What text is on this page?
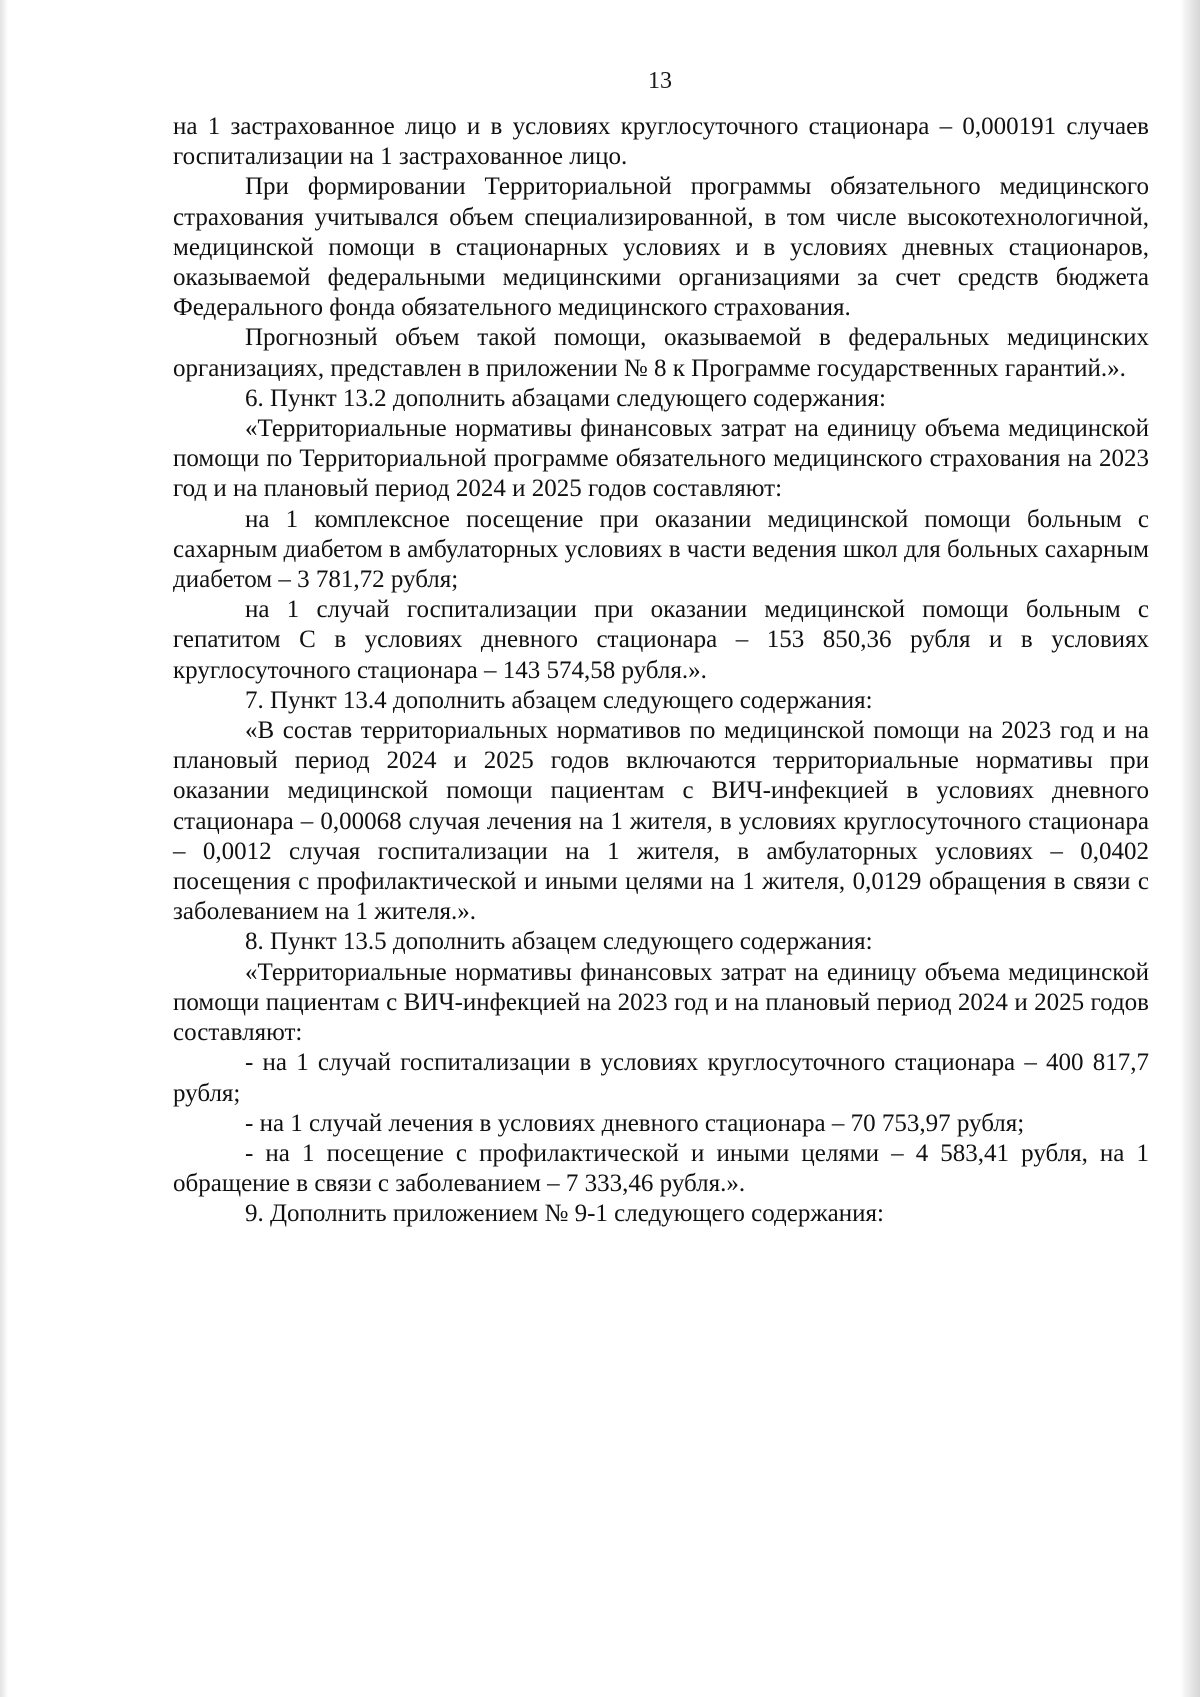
13

на 1 застрахованное лицо и в условиях круглосуточного стационара – 0,000191 случаев госпитализации на 1 застрахованное лицо.

При формировании Территориальной программы обязательного медицинского страхования учитывался объем специализированной, в том числе высокотехнологичной, медицинской помощи в стационарных условиях и в условиях дневных стационаров, оказываемой федеральными медицинскими организациями за счет средств бюджета Федерального фонда обязательного медицинского страхования.

Прогнозный объем такой помощи, оказываемой в федеральных медицинских организациях, представлен в приложении № 8 к Программе государственных гарантий.».

6. Пункт 13.2 дополнить абзацами следующего содержания:

«Территориальные нормативы финансовых затрат на единицу объема медицинской помощи по Территориальной программе обязательного медицинского страхования на 2023 год и на плановый период 2024 и 2025 годов составляют:

на 1 комплексное посещение при оказании медицинской помощи больным с сахарным диабетом в амбулаторных условиях в части ведения школ для больных сахарным диабетом – 3 781,72 рубля;

на 1 случай госпитализации при оказании медицинской помощи больным с гепатитом С в условиях дневного стационара – 153 850,36 рубля и в условиях круглосуточного стационара – 143 574,58 рубля.».

7. Пункт 13.4 дополнить абзацем следующего содержания:

«В состав территориальных нормативов по медицинской помощи на 2023 год и на плановый период 2024 и 2025 годов включаются территориальные нормативы при оказании медицинской помощи пациентам с ВИЧ-инфекцией в условиях дневного стационара – 0,00068 случая лечения на 1 жителя, в условиях круглосуточного стационара – 0,0012 случая госпитализации на 1 жителя, в амбулаторных условиях – 0,0402 посещения с профилактической и иными целями на 1 жителя, 0,0129 обращения в связи с заболеванием на 1 жителя.».

8. Пункт 13.5 дополнить абзацем следующего содержания:

«Территориальные нормативы финансовых затрат на единицу объема медицинской помощи пациентам с ВИЧ-инфекцией на 2023 год и на плановый период 2024 и 2025 годов составляют:

- на 1 случай госпитализации в условиях круглосуточного стационара – 400 817,7 рубля;

- на 1 случай лечения в условиях дневного стационара – 70 753,97 рубля;

- на 1 посещение с профилактической и иными целями – 4 583,41 рубля, на 1 обращение в связи с заболеванием – 7 333,46 рубля.».

9. Дополнить приложением № 9-1 следующего содержания:
